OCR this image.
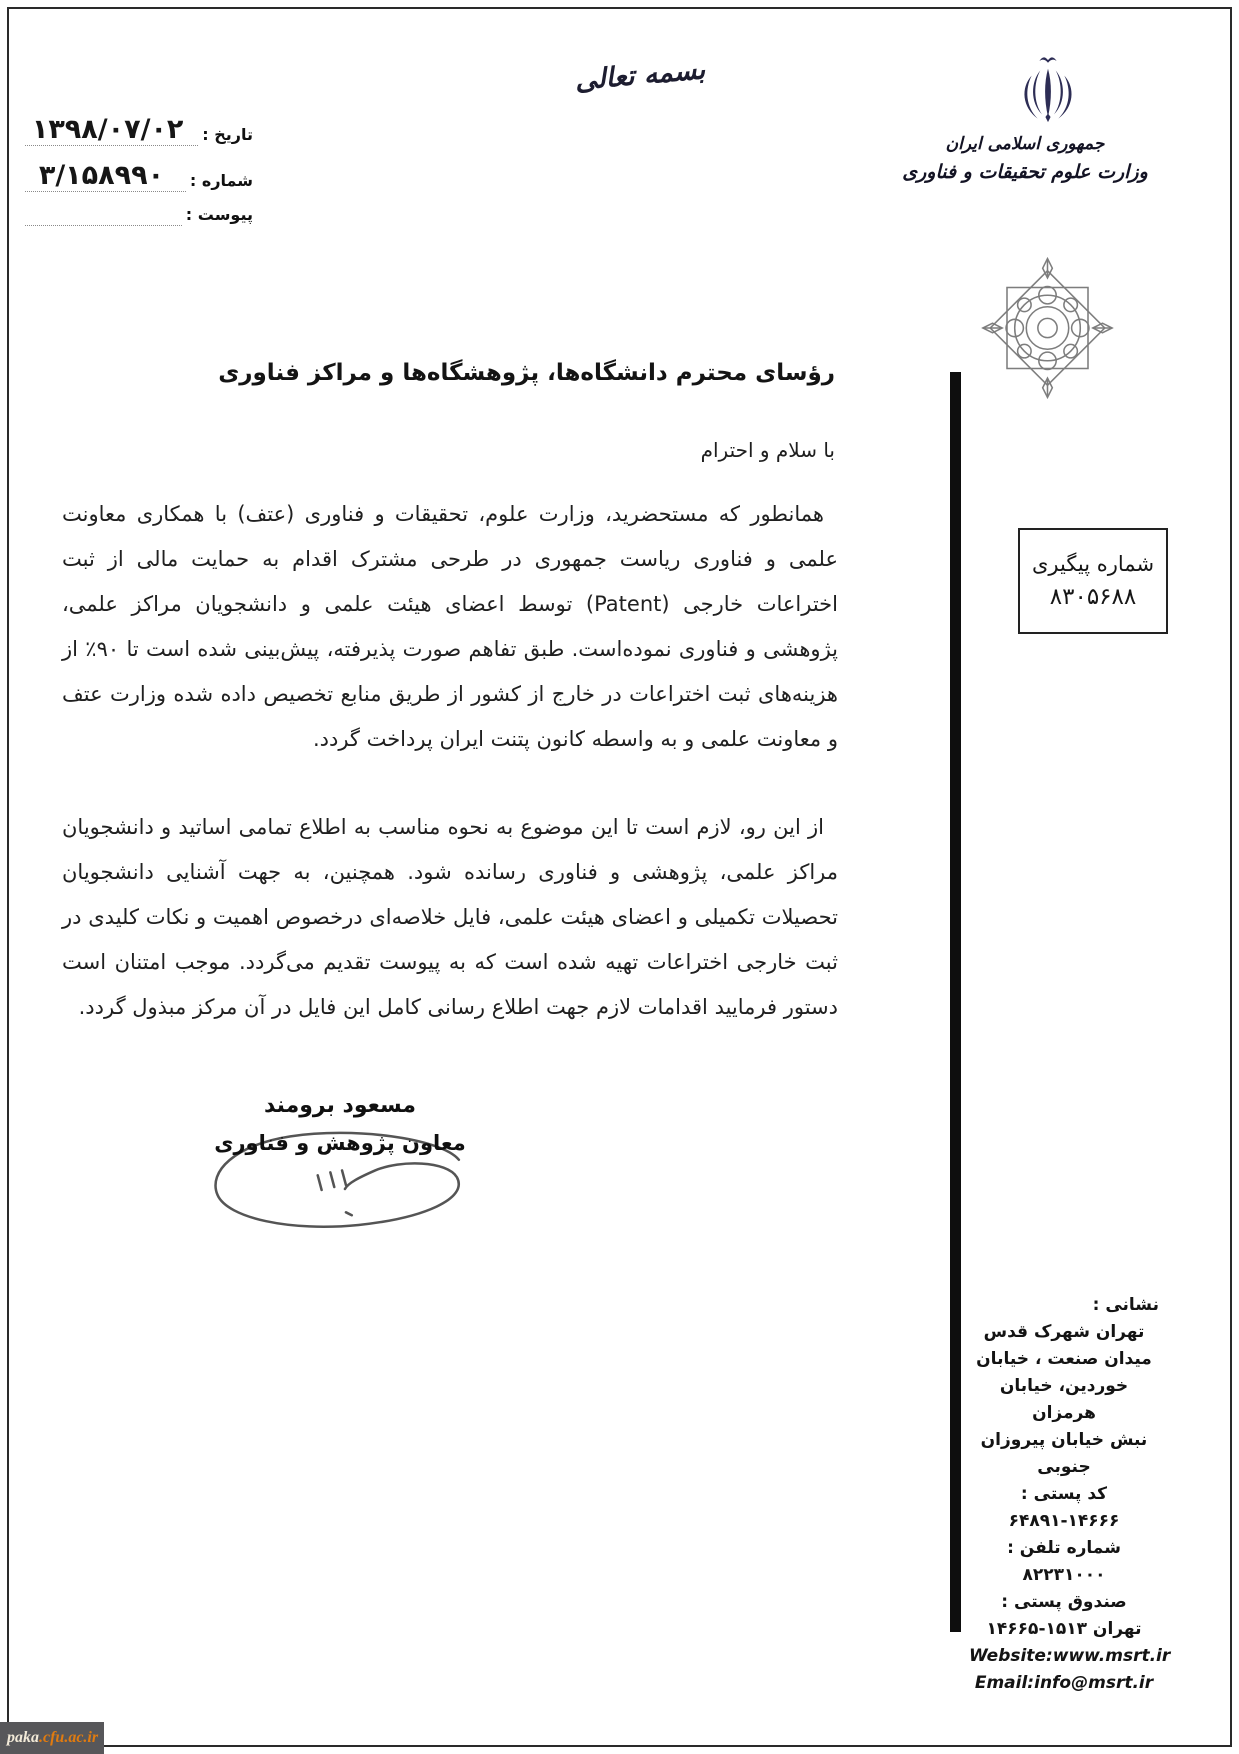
بسمه تعالی
جمهوری اسلامی ایران
وزارت علوم تحقیقات و فناوری
تاریخ :
۱۳۹۸/۰۷/۰۲
شماره :
۳/۱۵۸۹۹۰
پیوست :
رؤسای محترم دانشگاه‌ها، پژوهشگاه‌ها و مراکز فناوری
با سلام و احترام
همانطور که مستحضرید، وزارت علوم، تحقیقات و فناوری (عتف) با همکاری معاونت علمی و فناوری ریاست جمهوری در طرحی مشترک اقدام به حمایت مالی از ثبت اختراعات خارجی (Patent) توسط اعضای هیئت علمی و دانشجویان مراکز علمی، پژوهشی و فناوری نموده‌است. طبق تفاهم صورت پذیرفته، پیش‌بینی شده است تا ۹۰٪ از هزینه‌های ثبت اختراعات در خارج از کشور از طریق منابع تخصیص داده شده وزارت عتف و معاونت علمی و به واسطه کانون پتنت ایران پرداخت گردد.
از این رو، لازم است تا این موضوع به نحوه مناسب به اطلاع تمامی اساتید و دانشجویان مراکز علمی، پژوهشی و فناوری رسانده شود. همچنین، به جهت آشنایی دانشجویان تحصیلات تکمیلی و اعضای هیئت علمی، فایل خلاصه‌ای درخصوص اهمیت و نکات کلیدی در ثبت خارجی اختراعات تهیه شده است که به پیوست تقدیم می‌گردد. موجب امتنان است دستور فرمایید اقدامات لازم جهت اطلاع رسانی کامل این فایل در آن مرکز مبذول گردد.
مسعود برومند
معاون پژوهش و فناوری
شماره پیگیری
۸۳۰۵۶۸۸
نشانی :
تهران شهرک قدس
میدان صنعت ، خیابان
خوردین، خیابان هرمزان
نبش خیابان پیروزان جنوبی
کد پستی : ۱۴۶۶۶-۶۴۸۹۱
شماره تلفن : ۸۲۲۳۱۰۰۰
صندوق پستی :
تهران ۱۵۱۳-۱۴۶۶۵
Website:www.msrt.ir
Email:info@msrt.ir
paka .cfu.ac.ir
